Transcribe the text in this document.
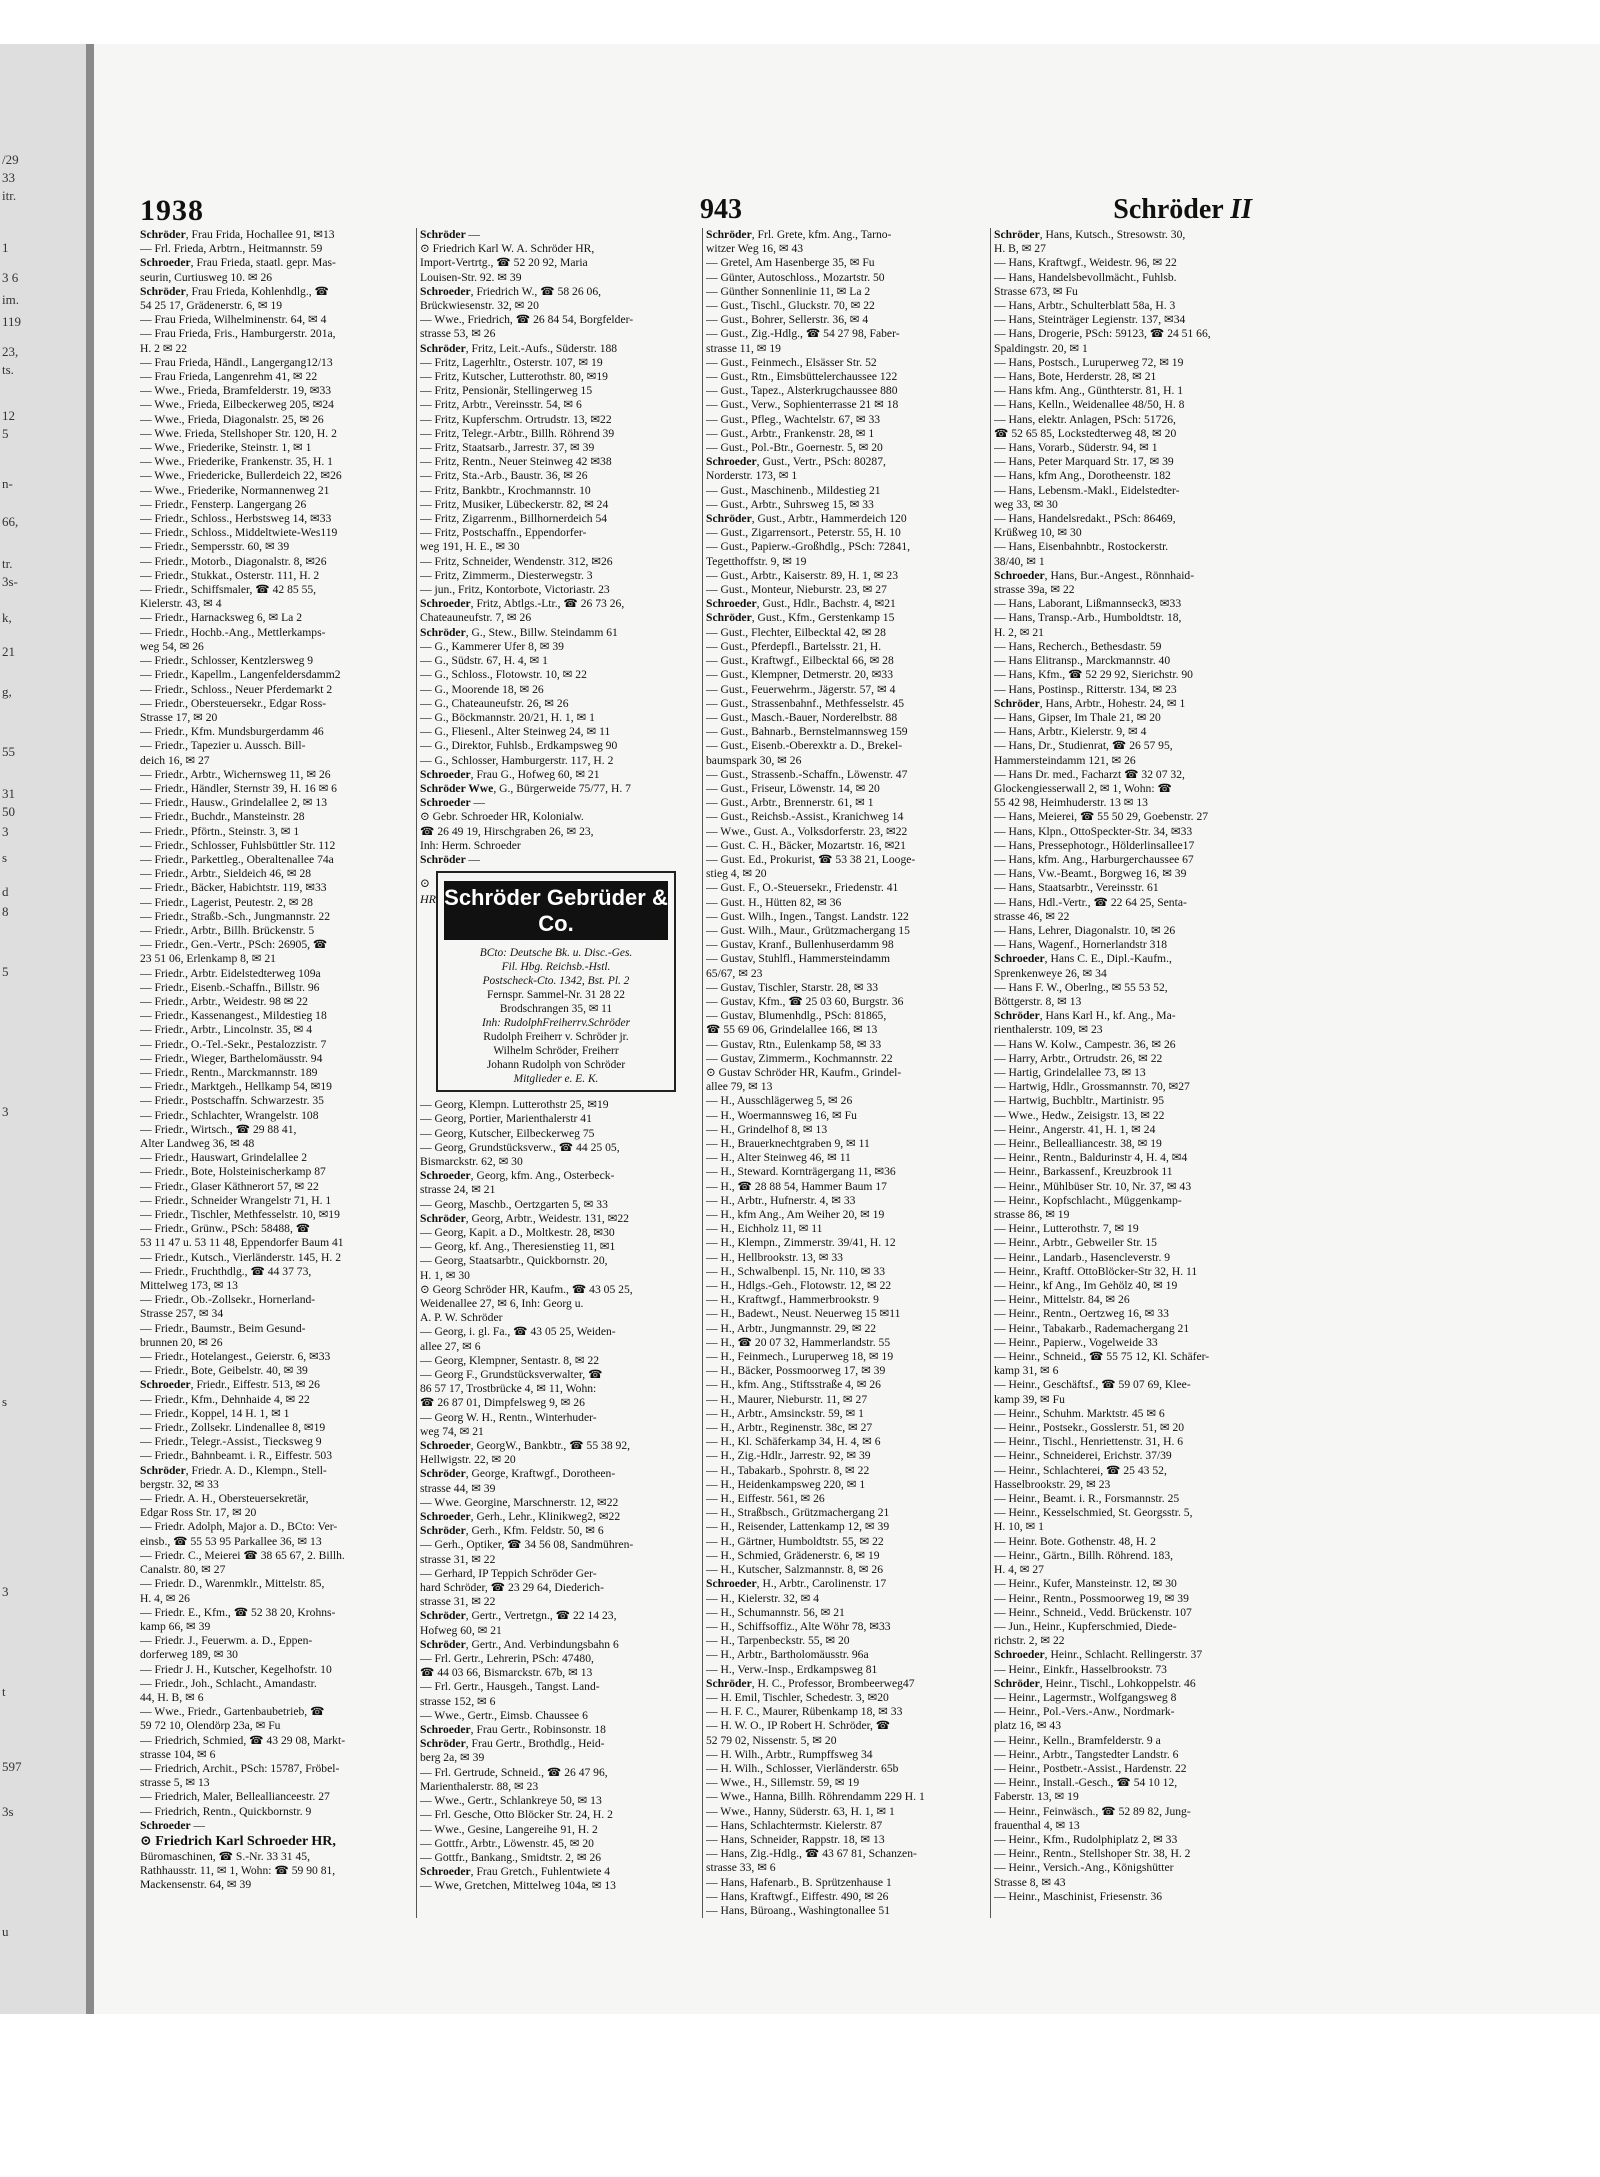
/29
33
itr.
1
3 6
im.
119
23,
ts.
12
5
n-
66,
tr.
3s-
k,
21
g,
55
31
50
3
s
d
8
5
3
s
3
t
597
3s
u
1938	943	Schröder II
Schröder, Frau Frida, Hochallee 91, ✉13
— Frl. Frieda, Arbtrn., Heitmannstr. 59
Schroeder, Frau Frieda, staatl. gepr. Mas-
seurin, Curtiusweg 10. ✉ 26
Schröder, Frau Frieda, Kohlenhdlg., ☎
54 25 17, Grädenerstr. 6, ✉ 19
— Frau Frieda, Wilhelminenstr. 64, ✉ 4
— Frau Frieda, Fris., Hamburgerstr. 201a,
H. 2 ✉ 22
— Frau Frieda, Händl., Langergang12/13
— Frau Frieda, Langenrehm 41, ✉ 22
— Wwe., Frieda, Bramfelderstr. 19, ✉33
— Wwe., Frieda, Eilbeckerweg 205, ✉24
— Wwe., Frieda, Diagonalstr. 25, ✉ 26
— Wwe. Frieda, Stellshoper Str. 120, H. 2
— Wwe., Friederike, Steinstr. 1, ✉ 1
— Wwe., Friederike, Frankenstr. 35, H. 1
— Wwe., Friedericke, Bullerdeich 22, ✉26
— Wwe., Friederike, Normannenweg 21
— Friedr., Fensterp. Langergang 26
— Friedr., Schloss., Herbstsweg 14, ✉33
— Friedr., Schloss., Middeltwiete-Wes119
— Friedr., Sempersstr. 60, ✉ 39
— Friedr., Motorb., Diagonalstr. 8, ✉26
— Friedr., Stukkat., Osterstr. 111, H. 2
— Friedr., Schiffsmaler, ☎ 42 85 55,
Kielerstr. 43, ✉ 4
— Friedr., Harnacksweg 6, ✉ La 2
— Friedr., Hochb.-Ang., Mettlerkamps-
weg 54, ✉ 26
— Friedr., Schlosser, Kentzlersweg 9
— Friedr., Kapellm., Langenfeldersdamm2
— Friedr., Schloss., Neuer Pferdemarkt 2
— Friedr., Obersteuersekr., Edgar Ross-
Strasse 17, ✉ 20
— Friedr., Kfm. Mundsburgerdamm 46
— Friedr., Tapezier u. Aussch. Bill-
deich 16, ✉ 27
— Friedr., Arbtr., Wichernsweg 11, ✉ 26
— Friedr., Händler, Sternstr 39, H. 16 ✉ 6
— Friedr., Hausw., Grindelallee 2, ✉ 13
— Friedr., Buchdr., Mansteinstr. 28
— Friedr., Pförtn., Steinstr. 3, ✉ 1
— Friedr., Schlosser, Fuhlsbüttler Str. 112
— Friedr., Parkettleg., Oberaltenallee 74a
— Friedr., Arbtr., Sieldeich 46, ✉ 28
— Friedr., Bäcker, Habichtstr. 119, ✉33
— Friedr., Lagerist, Peutestr. 2, ✉ 28
— Friedr., Straßb.-Sch., Jungmannstr. 22
— Friedr., Arbtr., Billh. Brückenstr. 5
— Friedr., Gen.-Vertr., PSch: 26905, ☎
23 51 06, Erlenkamp 8, ✉ 21
— Friedr., Arbtr. Eidelstedterweg 109a
— Friedr., Eisenb.-Schaffn., Billstr. 96
— Friedr., Arbtr., Weidestr. 98 ✉ 22
— Friedr., Kassenangest., Mildestieg 18
— Friedr., Arbtr., Lincolnstr. 35, ✉ 4
— Friedr., O.-Tel.-Sekr., Pestalozzistr. 7
— Friedr., Wieger, Barthelomäusstr. 94
— Friedr., Rentn., Marckmannstr. 189
— Friedr., Marktgeh., Hellkamp 54, ✉19
— Friedr., Postschaffn. Schwarzestr. 35
— Friedr., Schlachter, Wrangelstr. 108
— Friedr., Wirtsch., ☎ 29 88 41,
Alter Landweg 36, ✉ 48
— Friedr., Hauswart, Grindelallee 2
— Friedr., Bote, Holsteinischerkamp 87
— Friedr., Glaser Käthnerort 57, ✉ 22
— Friedr., Schneider Wrangelstr 71, H. 1
— Friedr., Tischler, Methfesselstr. 10, ✉19
— Friedr., Grünw., PSch: 58488, ☎
53 11 47 u. 53 11 48, Eppendorfer Baum 41
— Friedr., Kutsch., Vierländerstr. 145, H. 2
— Friedr., Fruchthdlg., ☎ 44 37 73,
Mittelweg 173, ✉ 13
— Friedr., Ob.-Zollsekr., Hornerland-
Strasse 257, ✉ 34
— Friedr., Baumstr., Beim Gesund-
brunnen 20, ✉ 26
— Friedr., Hotelangest., Geierstr. 6, ✉33
— Friedr., Bote, Geibelstr. 40, ✉ 39
Schroeder, Friedr., Eiffestr. 513, ✉ 26
— Friedr., Kfm., Dehnhaide 4, ✉ 22
— Friedr., Koppel, 14 H. 1, ✉ 1
— Friedr., Zollsekr. Lindenallee 8, ✉19
— Friedr., Telegr.-Assist., Tiecksweg 9
— Friedr., Bahnbeamt. i. R., Eiffestr. 503
Schröder, Friedr. A. D., Klempn., Stell-
bergstr. 32, ✉ 33
— Friedr. A. H., Obersteuersekretär,
Edgar Ross Str. 17, ✉ 20
— Friedr. Adolph, Major a. D., BCto: Ver-
einsb., ☎ 55 53 95 Parkallee 36, ✉ 13
— Friedr. C., Meierei ☎ 38 65 67, 2. Billh.
Canalstr. 80, ✉ 27
— Friedr. D., Warenmklr., Mittelstr. 85,
H. 4, ✉ 26
— Friedr. E., Kfm., ☎ 52 38 20, Krohns-
kamp 66, ✉ 39
— Friedr. J., Feuerwm. a. D., Eppen-
dorferweg 189, ✉ 30
— Friedr J. H., Kutscher, Kegelhofstr. 10
— Friedr., Joh., Schlacht., Amandastr.
44, H. B, ✉ 6
— Wwe., Friedr., Gartenbaubetrieb, ☎
59 72 10, Olendörp 23a, ✉ Fu
— Friedrich, Schmied, ☎ 43 29 08, Markt-
strasse 104, ✉ 6
— Friedrich, Archit., PSch: 15787, Fröbel-
strasse 5, ✉ 13
— Friedrich, Maler, Belleallianceestr. 27
— Friedrich, Rentn., Quickbornstr. 9
Schroeder —
⊙ Friedrich Karl Schroeder HR,
Büromaschinen, ☎ S.-Nr. 33 31 45,
Rathhausstr. 11, ✉ 1, Wohn: ☎ 59 90 81,
Mackensenstr. 64, ✉ 39
Schröder —
⊙ Friedrich Karl W. A. Schröder HR,
Import-Vertrtg., ☎ 52 20 92, Maria
Louisen-Str. 92. ✉ 39
Schroeder, Friedrich W., ☎ 58 26 06,
Brückwiesenstr. 32, ✉ 20
— Wwe., Friedrich, ☎ 26 84 54, Borgfelder-
strasse 53, ✉ 26
Schröder, Fritz, Leit.-Aufs., Süderstr. 188
— Fritz, Lagerhltr., Osterstr. 107, ✉ 19
— Fritz, Kutscher, Lutterothstr. 80, ✉19
— Fritz, Pensionär, Stellingerweg 15
— Fritz, Arbtr., Vereinsstr. 54, ✉ 6
— Fritz, Kupferschm. Ortrudstr. 13, ✉22
— Fritz, Telegr.-Arbtr., Billh. Röhrend 39
— Fritz, Staatsarb., Jarrestr. 37, ✉ 39
— Fritz, Rentn., Neuer Steinweg 42 ✉38
— Fritz, Sta.-Arb., Baustr. 36, ✉ 26
— Fritz, Bankbtr., Krochmannstr. 10
— Fritz, Musiker, Lübeckerstr. 82, ✉ 24
— Fritz, Zigarrenm., Billhornerdeich 54
— Fritz, Postschaffn., Eppendorfer-
weg 191, H. E., ✉ 30
— Fritz, Schneider, Wendenstr. 312, ✉26
— Fritz, Zimmerm., Diesterwegstr. 3
— jun., Fritz, Kontorbote, Victoriastr. 23
Schroeder, Fritz, Abtlgs.-Ltr., ☎ 26 73 26,
Chateauneufstr. 7, ✉ 26
Schröder, G., Stew., Billw. Steindamm 61
— G., Kammerer Ufer 8, ✉ 39
— G., Südstr. 67, H. 4, ✉ 1
— G., Schloss., Flotowstr. 10, ✉ 22
— G., Moorende 18, ✉ 26
— G., Chateauneufstr. 26, ✉ 26
— G., Böckmannstr. 20/21, H. 1, ✉ 1
— G., Fliesenl., Alter Steinweg 24, ✉ 11
— G., Direktor, Fuhlsb., Erdkampsweg 90
— G., Schlosser, Hamburgerstr. 117, H. 2
Schroeder, Frau G., Hofweg 60, ✉ 21
Schröder Wwe, G., Bürgerweide 75/77, H. 7
Schroeder —
⊙ Gebr. Schroeder HR, Kolonialw.
☎ 26 49 19, Hirschgraben 26, ✉ 23,
Inh: Herm. Schroeder
Schröder —
Schröder Gebrüder & Co.
BCto: Deutsche Bk. u. Disc.-Ges.
Fil. Hbg. Reichsb.-Hstl.
Postscheck-Cto. 1342, Bst. Pl. 2
Fernspr. Sammel-Nr. 31 28 22
Brodschrangen 35, ✉ 11
Inh: RudolphFreiherrv.Schröder
Rudolph Freiherr v. Schröder jr.
Wilhelm Schröder, Freiherr
Johann Rudolph von Schröder
Mitglieder e. E. K.
⊙
HR
— Georg, Klempn. Lutterothstr 25, ✉19
— Georg, Portier, Marienthalerstr 41
— Georg, Kutscher, Eilbeckerweg 75
— Georg, Grundstücksverw., ☎ 44 25 05,
Bismarckstr. 62, ✉ 30
Schroeder, Georg, kfm. Ang., Osterbeck-
strasse 24, ✉ 21
— Georg, Maschb., Oertzgarten 5, ✉ 33
Schröder, Georg, Arbtr., Weidestr. 131, ✉22
— Georg, Kapit. a D., Moltkestr. 28, ✉30
— Georg, kf. Ang., Theresienstieg 11, ✉1
— Georg, Staatsarbtr., Quickbornstr. 20,
H. 1, ✉ 30
⊙ Georg Schröder HR, Kaufm., ☎ 43 05 25,
Weidenallee 27, ✉ 6, Inh: Georg u.
A. P. W. Schröder
— Georg, i. gl. Fa., ☎ 43 05 25, Weiden-
allee 27, ✉ 6
— Georg, Klempner, Sentastr. 8, ✉ 22
— Georg F., Grundstücksverwalter, ☎
86 57 17, Trostbrücke 4, ✉ 11, Wohn:
☎ 26 87 01, Dimpfelsweg 9, ✉ 26
— Georg W. H., Rentn., Winterhuder-
weg 74, ✉ 21
Schroeder, GeorgW., Bankbtr., ☎ 55 38 92,
Hellwigstr. 22, ✉ 20
Schröder, George, Kraftwgf., Dorotheen-
strasse 44, ✉ 39
— Wwe. Georgine, Marschnerstr. 12, ✉22
Schroeder, Gerh., Lehr., Klinikweg2, ✉22
Schröder, Gerh., Kfm. Feldstr. 50, ✉ 6
— Gerh., Optiker, ☎ 34 56 08, Sandmühren-
strasse 31, ✉ 22
— Gerhard, IP Teppich Schröder Ger-
hard Schröder, ☎ 23 29 64, Diederich-
strasse 31, ✉ 22
Schröder, Gertr., Vertretgn., ☎ 22 14 23,
Hofweg 60, ✉ 21
Schröder, Gertr., And. Verbindungsbahn 6
— Frl. Gertr., Lehrerin, PSch: 47480,
☎ 44 03 66, Bismarckstr. 67b, ✉ 13
— Frl. Gertr., Hausgeh., Tangst. Land-
strasse 152, ✉ 6
— Wwe., Gertr., Eimsb. Chaussee 6
Schroeder, Frau Gertr., Robinsonstr. 18
Schröder, Frau Gertr., Brothdlg., Heid-
berg 2a, ✉ 39
— Frl. Gertrude, Schneid., ☎ 26 47 96,
Marienthalerstr. 88, ✉ 23
— Wwe., Gertr., Schlankreye 50, ✉ 13
— Frl. Gesche, Otto Blöcker Str. 24, H. 2
— Wwe., Gesine, Langereihe 91, H. 2
— Gottfr., Arbtr., Löwenstr. 45, ✉ 20
— Gottfr., Bankang., Smidtstr. 2, ✉ 26
Schroeder, Frau Gretch., Fuhlentwiete 4
— Wwe, Gretchen, Mittelweg 104a, ✉ 13
Schröder, Frl. Grete, kfm. Ang., Tarno-
witzer Weg 16, ✉ 43
— Gretel, Am Hasenberge 35, ✉ Fu
— Günter, Autoschloss., Mozartstr. 50
— Günther Sonnenlinie 11, ✉ La 2
— Gust., Tischl., Gluckstr. 70, ✉ 22
— Gust., Bohrer, Sellerstr. 36, ✉ 4
— Gust., Zig.-Hdlg., ☎ 54 27 98, Faber-
strasse 11, ✉ 19
— Gust., Feinmech., Elsässer Str. 52
— Gust., Rtn., Eimsbüttelerchaussee 122
— Gust., Tapez., Alsterkrugchaussee 880
— Gust., Verw., Sophienterrasse 21 ✉ 18
— Gust., Pfleg., Wachtelstr. 67, ✉ 33
— Gust., Arbtr., Frankenstr. 28, ✉ 1
— Gust., Pol.-Btr., Goernestr. 5, ✉ 20
Schroeder, Gust., Vertr., PSch: 80287,
Norderstr. 173, ✉ 1
— Gust., Maschinenb., Mildestieg 21
— Gust., Arbtr., Suhrsweg 15, ✉ 33
Schröder, Gust., Arbtr., Hammerdeich 120
— Gust., Zigarrensort., Peterstr. 55, H. 10
— Gust., Papierw.-Großhdlg., PSch: 72841,
Tegetthoffstr. 9, ✉ 19
— Gust., Arbtr., Kaiserstr. 89, H. 1, ✉ 23
— Gust., Monteur, Nieburstr. 23, ✉ 27
Schroeder, Gust., Hdlr., Bachstr. 4, ✉21
Schröder, Gust., Kfm., Gerstenkamp 15
— Gust., Flechter, Eilbecktal 42, ✉ 28
— Gust., Pferdepfl., Bartelsstr. 21, H.
— Gust., Kraftwgf., Eilbecktal 66, ✉ 28
— Gust., Klempner, Detmerstr. 20, ✉33
— Gust., Feuerwehrm., Jägerstr. 57, ✉ 4
— Gust., Strassenbahnf., Methfesselstr. 45
— Gust., Masch.-Bauer, Norderelbstr. 88
— Gust., Bahnarb., Bernstelmannsweg 159
— Gust., Eisenb.-Oberexktr a. D., Brekel-
baumspark 30, ✉ 26
— Gust., Strassenb.-Schaffn., Löwenstr. 47
— Gust., Friseur, Löwenstr. 14, ✉ 20
— Gust., Arbtr., Brennerstr. 61, ✉ 1
— Gust., Reichsb.-Assist., Kranichweg 14
— Wwe., Gust. A., Volksdorferstr. 23, ✉22
— Gust. C. H., Bäcker, Mozartstr. 16, ✉21
— Gust. Ed., Prokurist, ☎ 53 38 21, Looge-
stieg 4, ✉ 20
— Gust. F., O.-Steuersekr., Friedenstr. 41
— Gust. H., Hütten 82, ✉ 36
— Gust. Wilh., Ingen., Tangst. Landstr. 122
— Gust. Wilh., Maur., Grützmachergang 15
— Gustav, Kranf., Bullenhuserdamm 98
— Gustav, Stuhlfl., Hammersteindamm
65/67, ✉ 23
— Gustav, Tischler, Starstr. 28, ✉ 33
— Gustav, Kfm., ☎ 25 03 60, Burgstr. 36
— Gustav, Blumenhdlg., PSch: 81865,
☎ 55 69 06, Grindelallee 166, ✉ 13
— Gustav, Rtn., Eulenkamp 58, ✉ 33
— Gustav, Zimmerm., Kochmannstr. 22
⊙ Gustav Schröder HR, Kaufm., Grindel-
allee 79, ✉ 13
— H., Ausschlägerweg 5, ✉ 26
— H., Woermannsweg 16, ✉ Fu
— H., Grindelhof 8, ✉ 13
— H., Brauerknechtgraben 9, ✉ 11
— H., Alter Steinweg 46, ✉ 11
— H., Steward. Kornträgergang 11, ✉36
— H., ☎ 28 88 54, Hammer Baum 17
— H., Arbtr., Hufnerstr. 4, ✉ 33
— H., kfm Ang., Am Weiher 20, ✉ 19
— H., Eichholz 11, ✉ 11
— H., Klempn., Zimmerstr. 39/41, H. 12
— H., Hellbrookstr. 13, ✉ 33
— H., Schwalbenpl. 15, Nr. 110, ✉ 33
— H., Hdlgs.-Geh., Flotowstr. 12, ✉ 22
— H., Kraftwgf., Hammerbrookstr. 9
— H., Badewt., Neust. Neuerweg 15 ✉11
— H., Arbtr., Jungmannstr. 29, ✉ 22
— H., ☎ 20 07 32, Hammerlandstr. 55
— H., Feinmech., Luruperweg 18, ✉ 19
— H., Bäcker, Possmoorweg 17, ✉ 39
— H., kfm. Ang., Stiftsstraße 4, ✉ 26
— H., Maurer, Nieburstr. 11, ✉ 27
— H., Arbtr., Amsinckstr. 59, ✉ 1
— H., Arbtr., Reginenstr. 38c, ✉ 27
— H., Kl. Schäferkamp 34, H. 4, ✉ 6
— H., Zig.-Hdlr., Jarrestr. 92, ✉ 39
— H., Tabakarb., Spohrstr. 8, ✉ 22
— H., Heidenkampsweg 220, ✉ 1
— H., Eiffestr. 561, ✉ 26
— H., Straßbsch., Grützmachergang 21
— H., Reisender, Lattenkamp 12, ✉ 39
— H., Gärtner, Humboldtstr. 55, ✉ 22
— H., Schmied, Grädenerstr. 6, ✉ 19
— H., Kutscher, Salzmannstr. 8, ✉ 26
Schroeder, H., Arbtr., Carolinenstr. 17
— H., Kielerstr. 32, ✉ 4
— H., Schumannstr. 56, ✉ 21
— H., Schiffsoffiz., Alte Wöhr 78, ✉33
— H., Tarpenbeckstr. 55, ✉ 20
— H., Arbtr., Bartholomäusstr. 96a
— H., Verw.-Insp., Erdkampsweg 81
Schröder, H. C., Professor, Brombeerweg47
— H. Emil, Tischler, Schedestr. 3, ✉20
— H. F. C., Maurer, Rübenkamp 18, ✉ 33
— H. W. O., IP Robert H. Schröder, ☎
52 79 02, Nissenstr. 5, ✉ 20
— H. Wilh., Arbtr., Rumpffsweg 34
— H. Wilh., Schlosser, Vierländerstr. 65b
— Wwe., H., Sillemstr. 59, ✉ 19
— Wwe., Hanna, Billh. Röhrendamm 229 H. 1
— Wwe., Hanny, Süderstr. 63, H. 1, ✉ 1
— Hans, Schlachtermstr. Kielerstr. 87
— Hans, Schneider, Rappstr. 18, ✉ 13
— Hans, Zig.-Hdlg., ☎ 43 67 81, Schanzen-
strasse 33, ✉ 6
— Hans, Hafenarb., B. Sprützenhause 1
— Hans, Kraftwgf., Eiffestr. 490, ✉ 26
— Hans, Büroang., Washingtonallee 51
Schröder, Hans, Kutsch., Stresowstr. 30,
H. B, ✉ 27
— Hans, Kraftwgf., Weidestr. 96, ✉ 22
— Hans, Handelsbevollmächt., Fuhlsb.
Strasse 673, ✉ Fu
— Hans, Arbtr., Schulterblatt 58a, H. 3
— Hans, Steinträger Legienstr. 137, ✉34
— Hans, Drogerie, PSch: 59123, ☎ 24 51 66,
Spaldingstr. 20, ✉ 1
— Hans, Postsch., Luruperweg 72, ✉ 19
— Hans, Bote, Herderstr. 28, ✉ 21
— Hans kfm. Ang., Günthterstr. 81, H. 1
— Hans, Kelln., Weidenallee 48/50, H. 8
— Hans, elektr. Anlagen, PSch: 51726,
☎ 52 65 85, Lockstedterweg 48, ✉ 20
— Hans, Vorarb., Süderstr. 94, ✉ 1
— Hans, Peter Marquard Str. 17, ✉ 39
— Hans, kfm Ang., Dorotheenstr. 182
— Hans, Lebensm.-Makl., Eidelstedter-
weg 33, ✉ 30
— Hans, Handelsredakt., PSch: 86469,
Krüßweg 10, ✉ 30
— Hans, Eisenbahnbtr., Rostockerstr.
38/40, ✉ 1
Schroeder, Hans, Bur.-Angest., Rönnhaid-
strasse 39a, ✉ 22
— Hans, Laborant, Lißmannseck3, ✉33
— Hans, Transp.-Arb., Humboldtstr. 18,
H. 2, ✉ 21
— Hans, Recherch., Bethesdastr. 59
— Hans Elitransp., Marckmannstr. 40
— Hans, Kfm., ☎ 52 29 92, Sierichstr. 90
— Hans, Postinsp., Ritterstr. 134, ✉ 23
Schröder, Hans, Arbtr., Hohestr. 24, ✉ 1
— Hans, Gipser, Im Thale 21, ✉ 20
— Hans, Arbtr., Kielerstr. 9, ✉ 4
— Hans, Dr., Studienrat, ☎ 26 57 95,
Hammersteindamm 121, ✉ 26
— Hans Dr. med., Facharzt ☎ 32 07 32,
Glockengiesserwall 2, ✉ 1, Wohn: ☎
55 42 98, Heimhuderstr. 13 ✉ 13
— Hans, Meierei, ☎ 55 50 29, Goebenstr. 27
— Hans, Klpn., OttoSpeckter-Str. 34, ✉33
— Hans, Pressephotogr., Hölderlinsallee17
— Hans, kfm. Ang., Harburgerchaussee 67
— Hans, Vw.-Beamt., Borgweg 16, ✉ 39
— Hans, Staatsarbtr., Vereinsstr. 61
— Hans, Hdl.-Vertr., ☎ 22 64 25, Senta-
strasse 46, ✉ 22
— Hans, Lehrer, Diagonalstr. 10, ✉ 26
— Hans, Wagenf., Hornerlandstr 318
Schroeder, Hans C. E., Dipl.-Kaufm.,
Sprenkenweye 26, ✉ 34
— Hans F. W., Oberlng., ✉ 55 53 52,
Böttgerstr. 8, ✉ 13
Schröder, Hans Karl H., kf. Ang., Ma-
rienthalerstr. 109, ✉ 23
— Hans W. Kolw., Campestr. 36, ✉ 26
— Harry, Arbtr., Ortrudstr. 26, ✉ 22
— Hartig, Grindelallee 73, ✉ 13
— Hartwig, Hdlr., Grossmannstr. 70, ✉27
— Hartwig, Buchbltr., Martinistr. 95
— Wwe., Hedw., Zeisigstr. 13, ✉ 22
— Heinr., Angerstr. 41, H. 1, ✉ 24
— Heinr., Bellealliancestr. 38, ✉ 19
— Heinr., Rentn., Baldurinstr 4, H. 4, ✉4
— Heinr., Barkassenf., Kreuzbrook 11
— Heinr., Mühlbüser Str. 10, Nr. 37, ✉ 43
— Heinr., Kopfschlacht., Müggenkamp-
strasse 86, ✉ 19
— Heinr., Lutterothstr. 7, ✉ 19
— Heinr., Arbtr., Gebweiler Str. 15
— Heinr., Landarb., Hasencleverstr. 9
— Heinr., Kraftf. OttoBlöcker-Str 32, H. 11
— Heinr., kf Ang., Im Gehölz 40, ✉ 19
— Heinr., Mittelstr. 84, ✉ 26
— Heinr., Rentn., Oertzweg 16, ✉ 33
— Heinr., Tabakarb., Rademachergang 21
— Heinr., Papierw., Vogelweide 33
— Heinr., Schneid., ☎ 55 75 12, Kl. Schäfer-
kamp 31, ✉ 6
— Heinr., Geschäftsf., ☎ 59 07 69, Klee-
kamp 39, ✉ Fu
— Heinr., Schuhm. Marktstr. 45 ✉ 6
— Heinr., Postsekr., Gosslerstr. 51, ✉ 20
— Heinr., Tischl., Henriettenstr. 31, H. 6
— Heinr., Schneiderei, Erichstr. 37/39
— Heinr., Schlachterei, ☎ 25 43 52,
Hasselbrookstr. 29, ✉ 23
— Heinr., Beamt. i. R., Forsmannstr. 25
— Heinr., Kesselschmied, St. Georgsstr. 5,
H. 10, ✉ 1
— Heinr. Bote. Gothenstr. 48, H. 2
— Heinr., Gärtn., Billh. Röhrend. 183,
H. 4, ✉ 27
— Heinr., Kufer, Mansteinstr. 12, ✉ 30
— Heinr., Rentn., Possmoorweg 19, ✉ 39
— Heinr., Schneid., Vedd. Brückenstr. 107
— Jun., Heinr., Kupferschmied, Diede-
richstr. 2, ✉ 22
Schroeder, Heinr., Schlacht. Rellingerstr. 37
— Heinr., Einkfr., Hasselbrookstr. 73
Schröder, Heinr., Tischl., Lohkoppelstr. 46
— Heinr., Lagermstr., Wolfgangsweg 8
— Heinr., Pol.-Vers.-Anw., Nordmark-
platz 16, ✉ 43
— Heinr., Kelln., Bramfelderstr. 9 a
— Heinr., Arbtr., Tangstedter Landstr. 6
— Heinr., Postbetr.-Assist., Hardenstr. 22
— Heinr., Install.-Gesch., ☎ 54 10 12,
Faberstr. 13, ✉ 19
— Heinr., Feinwäsch., ☎ 52 89 82, Jung-
frauenthal 4, ✉ 13
— Heinr., Kfm., Rudolphiplatz 2, ✉ 33
— Heinr., Rentn., Stellshoper Str. 38, H. 2
— Heinr., Versich.-Ang., Königshütter
Strasse 8, ✉ 43
— Heinr., Maschinist, Friesenstr. 36
